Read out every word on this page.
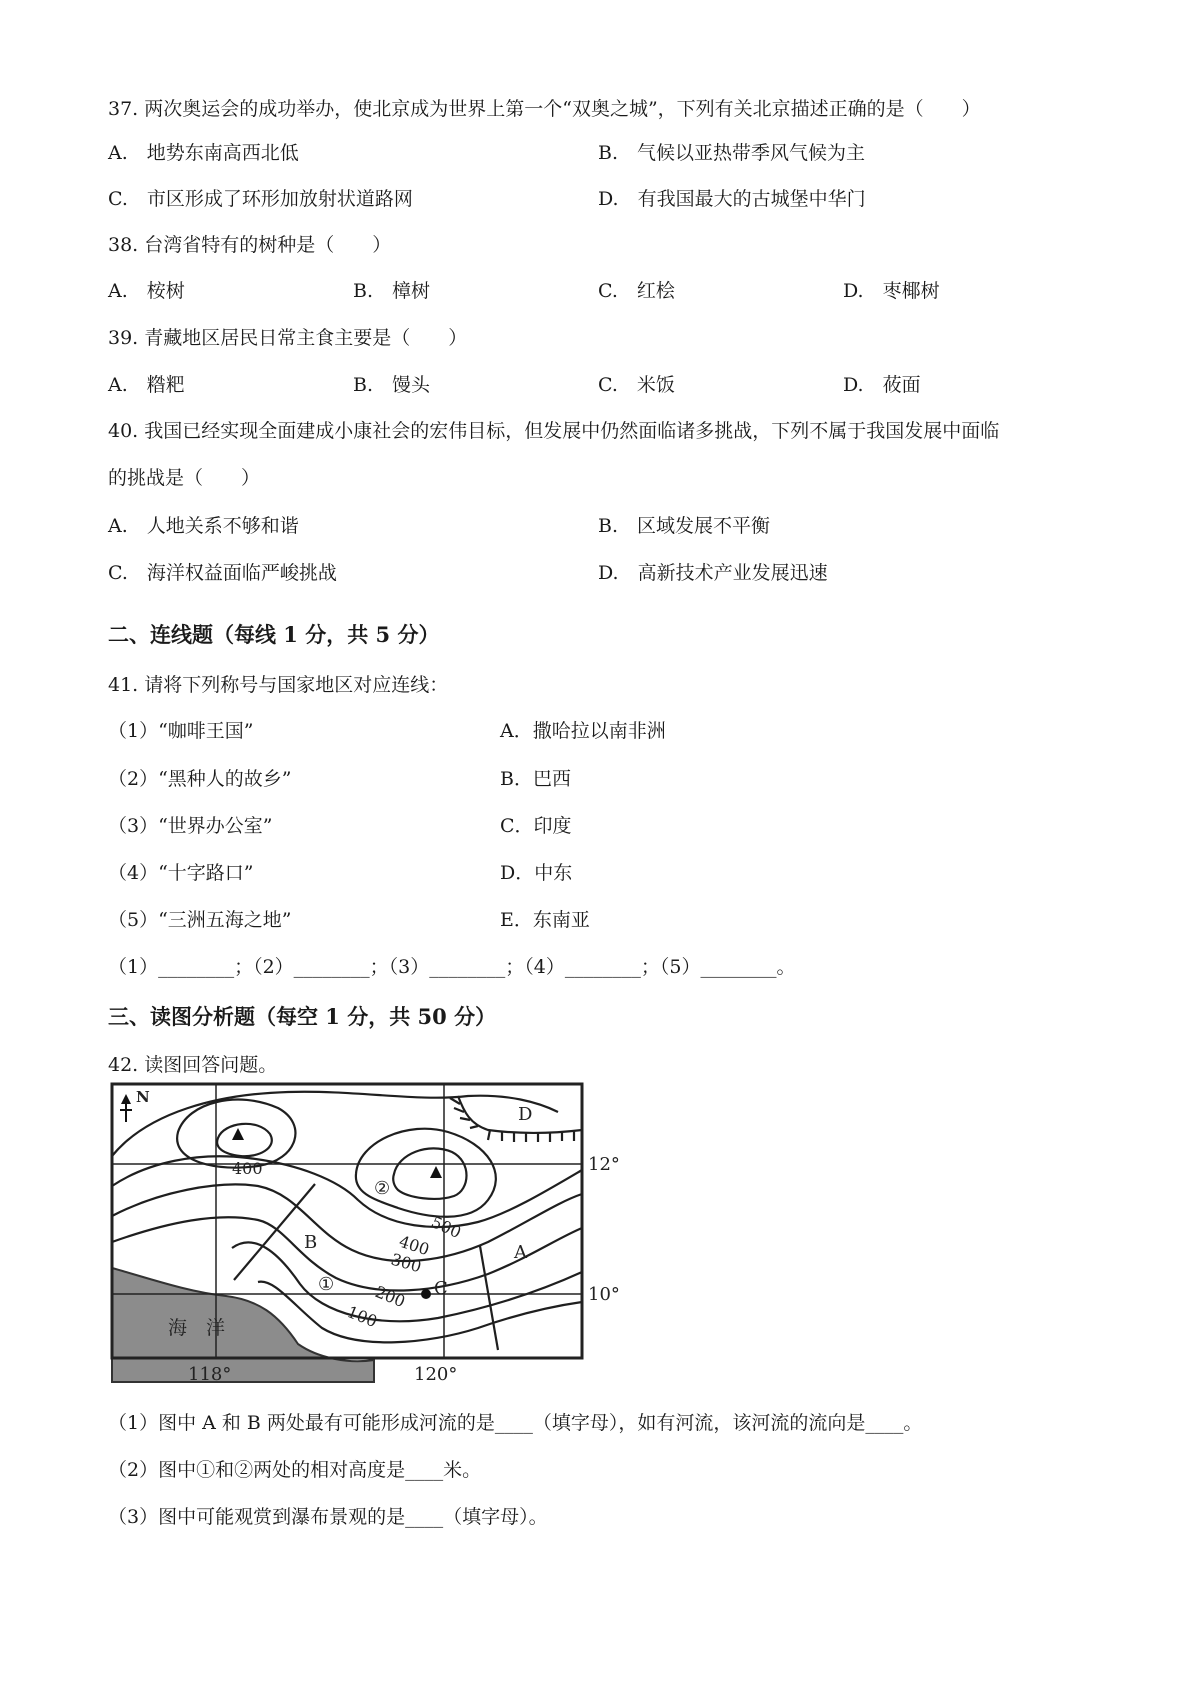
37. 两次奥运会的成功举办，使北京成为世界上第一个“双奥之城”，下列有关北京描述正确的是（　　）
A.　地势东南高西北低	B.　气候以亚热带季风气候为主
C.　市区形成了环形加放射状道路网	D.　有我国最大的古城堡中华门
38. 台湾省特有的树种是（　　）
A.　桉树	B.　樟树	C.　红桧	D.　枣椰树
39. 青藏地区居民日常主食主要是（　　）
A.　糌粑	B.　馒头	C.　米饭	D.　莜面
40. 我国已经实现全面建成小康社会的宏伟目标，但发展中仍然面临诸多挑战，下列不属于我国发展中面临
的挑战是（　　）
A.　人地关系不够和谐	B.　区域发展不平衡
C.　海洋权益面临严峻挑战	D.　高新技术产业发展迅速
二、连线题（每线 1 分，共 5 分）
41. 请将下列称号与国家地区对应连线：
（1）“咖啡王国”	A．撒哈拉以南非洲
（2）“黑种人的故乡”	B．巴西
（3）“世界办公室”	C．印度
（4）“十字路口”	D．中东
（5）“三洲五海之地”	E．东南亚
（1）________；（2）________；（3）________；（4）________；（5）________。
三、读图分析题（每空 1 分，共 50 分）
42. 读图回答问题。
N
400
500
400
300
200
100
A
B
C
D
①
②
海　洋
12°
10°
118°	120°
（1）图中 A 和 B 两处最有可能形成河流的是____（填字母），如有河流，该河流的流向是____。
（2）图中①和②两处的相对高度是____米。
（3）图中可能观赏到瀑布景观的是____（填字母）。
